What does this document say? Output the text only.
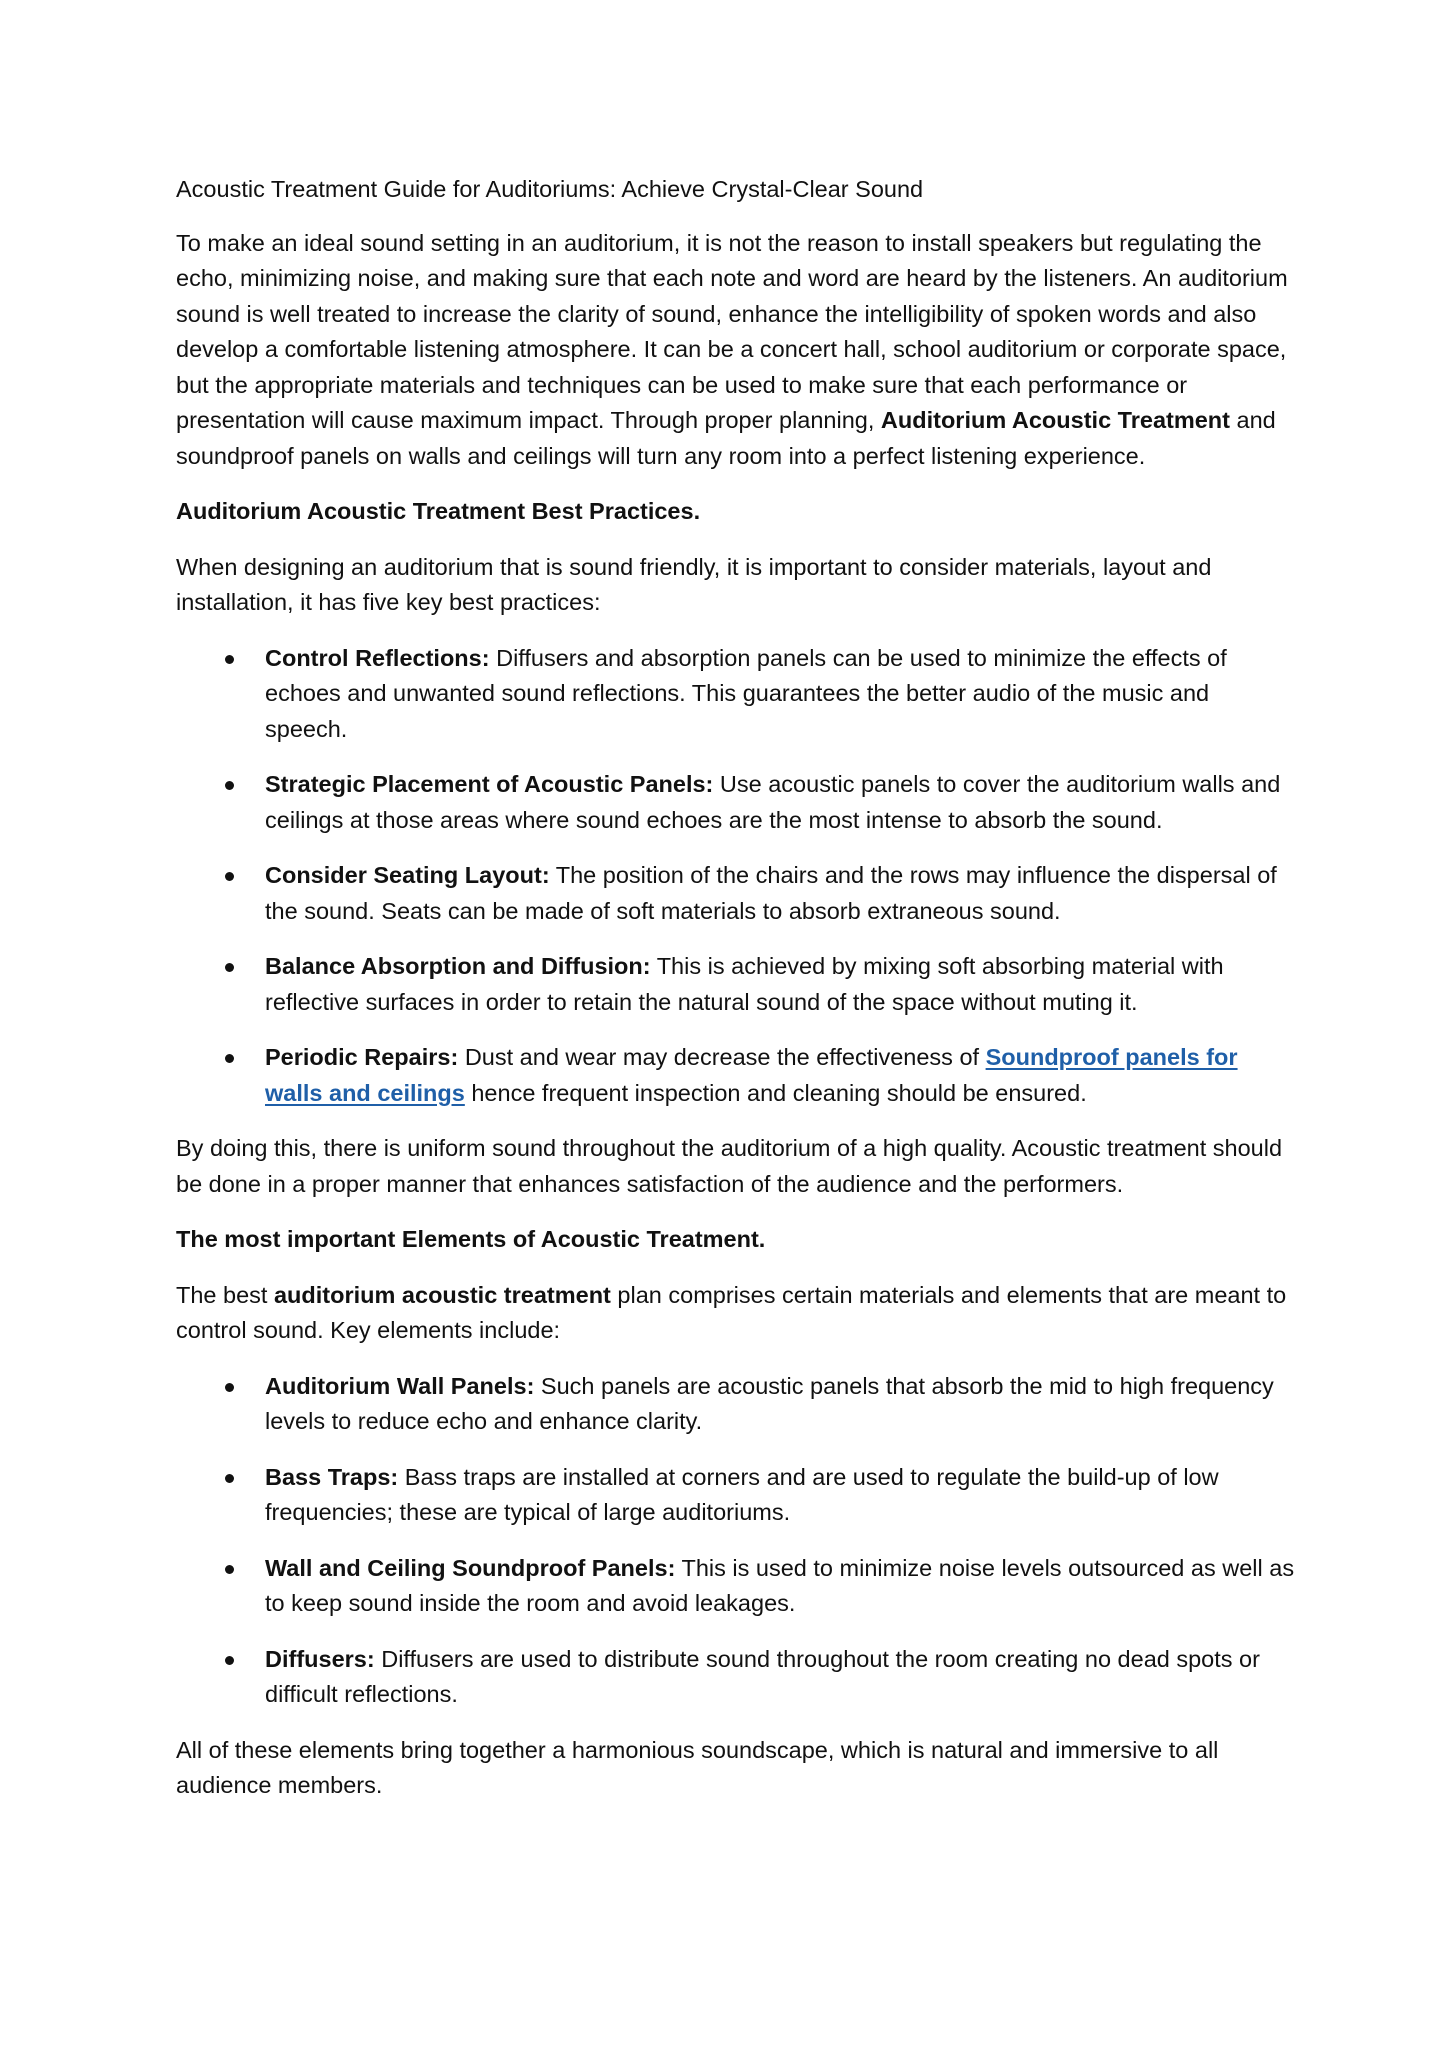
Acoustic Treatment Guide for Auditoriums: Achieve Crystal-Clear Sound

To make an ideal sound setting in an auditorium, it is not the reason to install speakers but regulating the echo, minimizing noise, and making sure that each note and word are heard by the listeners. An auditorium sound is well treated to increase the clarity of sound, enhance the intelligibility of spoken words and also develop a comfortable listening atmosphere. It can be a concert hall, school auditorium or corporate space, but the appropriate materials and techniques can be used to make sure that each performance or presentation will cause maximum impact. Through proper planning, Auditorium Acoustic Treatment and soundproof panels on walls and ceilings will turn any room into a perfect listening experience.

Auditorium Acoustic Treatment Best Practices.

When designing an auditorium that is sound friendly, it is important to consider materials, layout and installation, it has five key best practices:

Control Reflections: Diffusers and absorption panels can be used to minimize the effects of echoes and unwanted sound reflections. This guarantees the better audio of the music and speech.
Strategic Placement of Acoustic Panels: Use acoustic panels to cover the auditorium walls and ceilings at those areas where sound echoes are the most intense to absorb the sound.
Consider Seating Layout: The position of the chairs and the rows may influence the dispersal of the sound. Seats can be made of soft materials to absorb extraneous sound.
Balance Absorption and Diffusion: This is achieved by mixing soft absorbing material with reflective surfaces in order to retain the natural sound of the space without muting it.
Periodic Repairs: Dust and wear may decrease the effectiveness of Soundproof panels for walls and ceilings hence frequent inspection and cleaning should be ensured.

By doing this, there is uniform sound throughout the auditorium of a high quality. Acoustic treatment should be done in a proper manner that enhances satisfaction of the audience and the performers.

The most important Elements of Acoustic Treatment.

The best auditorium acoustic treatment plan comprises certain materials and elements that are meant to control sound. Key elements include:

Auditorium Wall Panels: Such panels are acoustic panels that absorb the mid to high frequency levels to reduce echo and enhance clarity.
Bass Traps: Bass traps are installed at corners and are used to regulate the build-up of low frequencies; these are typical of large auditoriums.
Wall and Ceiling Soundproof Panels: This is used to minimize noise levels outsourced as well as to keep sound inside the room and avoid leakages.
Diffusers: Diffusers are used to distribute sound throughout the room creating no dead spots or difficult reflections.

All of these elements bring together a harmonious soundscape, which is natural and immersive to all audience members.
